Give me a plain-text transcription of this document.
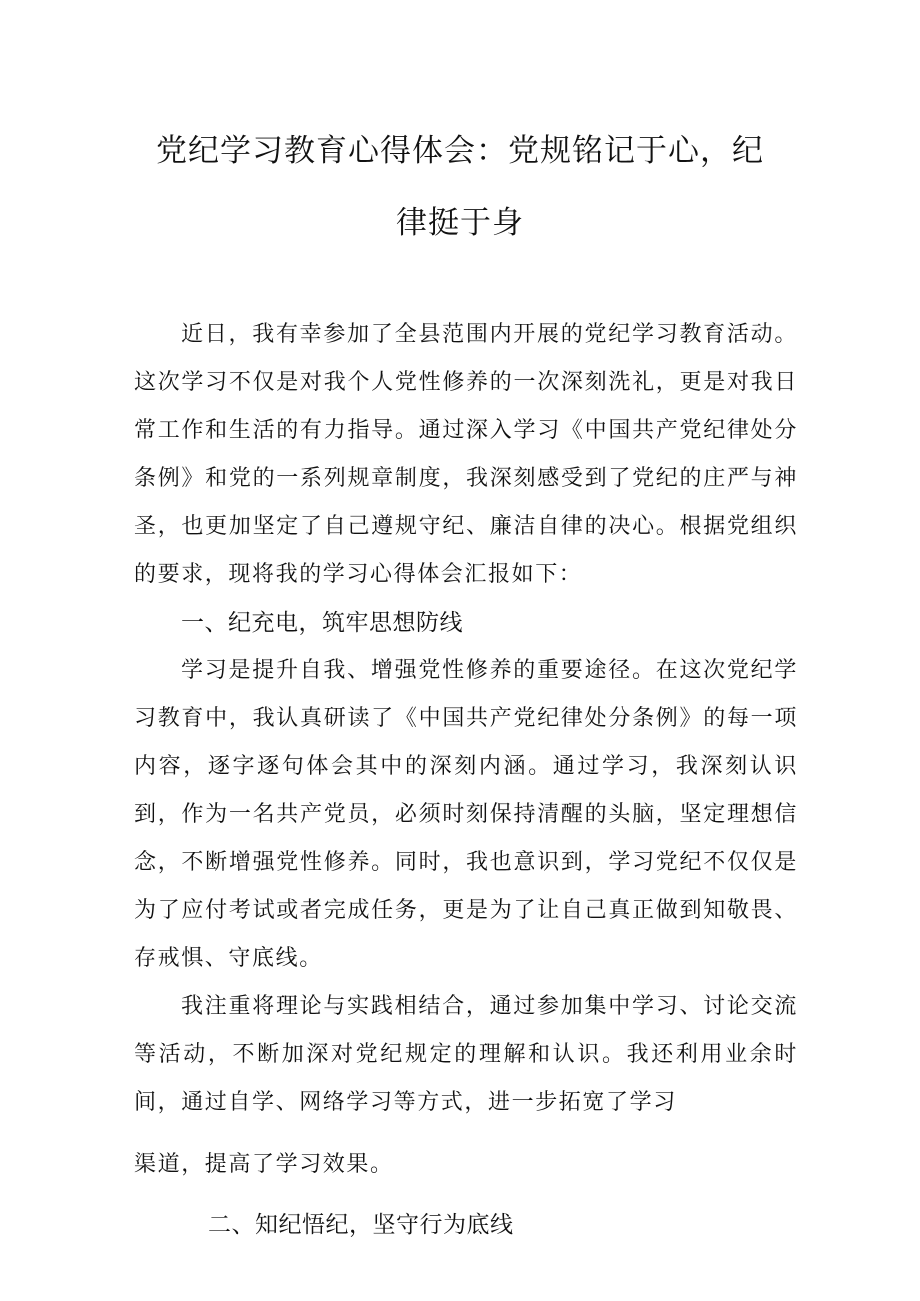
党纪学习教育心得体会：党规铭记于心，纪
律挺于身

近日，我有幸参加了全县范围内开展的党纪学习教育活动。这次学习不仅是对我个人党性修养的一次深刻洗礼，更是对我日常工作和生活的有力指导。通过深入学习《中国共产党纪律处分条例》和党的一系列规章制度，我深刻感受到了党纪的庄严与神圣，也更加坚定了自己遵规守纪、廉洁自律的决心。根据党组织的要求，现将我的学习心得体会汇报如下：

一、纪充电，筑牢思想防线

学习是提升自我、增强党性修养的重要途径。在这次党纪学习教育中，我认真研读了《中国共产党纪律处分条例》的每一项内容，逐字逐句体会其中的深刻内涵。通过学习，我深刻认识到，作为一名共产党员，必须时刻保持清醒的头脑，坚定理想信念，不断增强党性修养。同时，我也意识到，学习党纪不仅仅是为了应付考试或者完成任务，更是为了让自己真正做到知敬畏、存戒惧、守底线。

我注重将理论与实践相结合，通过参加集中学习、讨论交流等活动，不断加深对党纪规定的理解和认识。我还利用业余时间，通过自学、网络学习等方式，进一步拓宽了学习

渠道，提高了学习效果。

二、知纪悟纪，坚守行为底线
